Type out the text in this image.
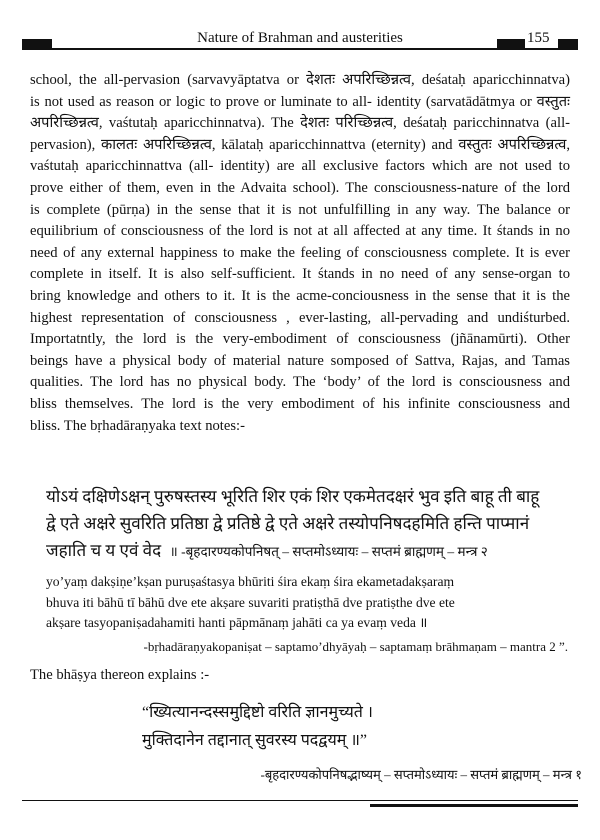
Nature of Brahman and austerities	155
school, the all-pervasion (sarvavyāptatva or देशतः अपरिच्छिन्नत्व, deśataḥ aparicchinnatva)
is not used as reason or logic to prove or luminate to all- identity (sarvatādātmya or वस्तुतः
अपरिच्छिन्नत्व, vaśtutaḥ aparicchinnatva). The देशतः परिच्छिन्नत्व, deśataḥ paricchinnatva (all-
pervasion), कालतः अपरिच्छिन्नत्व, kālataḥ aparicchinnattva (eternity) and वस्तुतः अपरिच्छिन्नत्व,
vaśtutaḥ aparicchinnattva (all- identity) are all exclusive factors which are not used to
prove either of them, even in the Advaita school). The consciousness-nature of the lord
is complete (pūrṇa) in the sense that it is not unfulfilling in any way. The balance or
equilibrium of consciousness of the lord is not at all affected at any time. It śtands in no
need of any external happiness to make the feeling of consciousness complete. It is ever
complete in itself. It is also self-sufficient. It śtands in no need of any sense-organ to
bring knowledge and others to it. It is the acme-conciousness in the sense that it is the
highest representation of consciousness , ever-lasting, all-pervading and undiśturbed.
Importatntly, the lord is the very-embodiment of consciousness (jñānamūrti). Other
beings have a physical body of material nature somposed of Sattva, Rajas, and Tamas
qualities. The lord has no physical body. The ‘body’ of the lord is consciousness and
bliss themselves. The lord is the very embodiment of his infinite consciousness and
bliss. The bṛhadāraṇyaka text notes:-
योऽयं दक्षिणेऽक्षन् पुरुषस्तस्य भूरिति शिर एकं शिर एकमेतदक्षरं भुव इति बाहू ती बाहू
द्वे एते अक्षरे सुवरिति प्रतिष्ठा द्वे प्रतिष्ठे द्वे एते अक्षरे तस्योपनिषदहमिति हन्ति पाप्मानं
जहाति च य एवं वेद ॥ -बृहदारण्यकोपनिषत् – सप्तमोऽध्यायः – सप्तमं ब्राह्मणम् – मन्त्र २
yo’yaṃ dakṣiṇe’kṣan puruṣaśtasya bhūriti śira ekaṃ śira ekametadakṣaraṃ
bhuva iti bāhū tī bāhū dve ete akṣare suvariti pratiṣthā dve pratiṣthe dve ete
akṣare tasyopaniṣadahamiti hanti pāpmānaṃ jahāti ca ya evaṃ veda ॥
-bṛhadāraṇyakopaniṣat – saptamo’dhyāyaḥ – saptamaṃ brāhmaṇam – mantra 2 ”.
The bhāṣya thereon explains :-
“ख्यित्यानन्दस्समुद्दिष्टो वरिति ज्ञानमुच्यते ।
मुक्तिदानेन तद्दानात् सुवरस्य पदद्वयम् ॥”
-बृहदारण्यकोपनिषद्भाष्यम् – सप्तमोऽध्यायः – सप्तमं ब्राह्मणम् – मन्त्र १
